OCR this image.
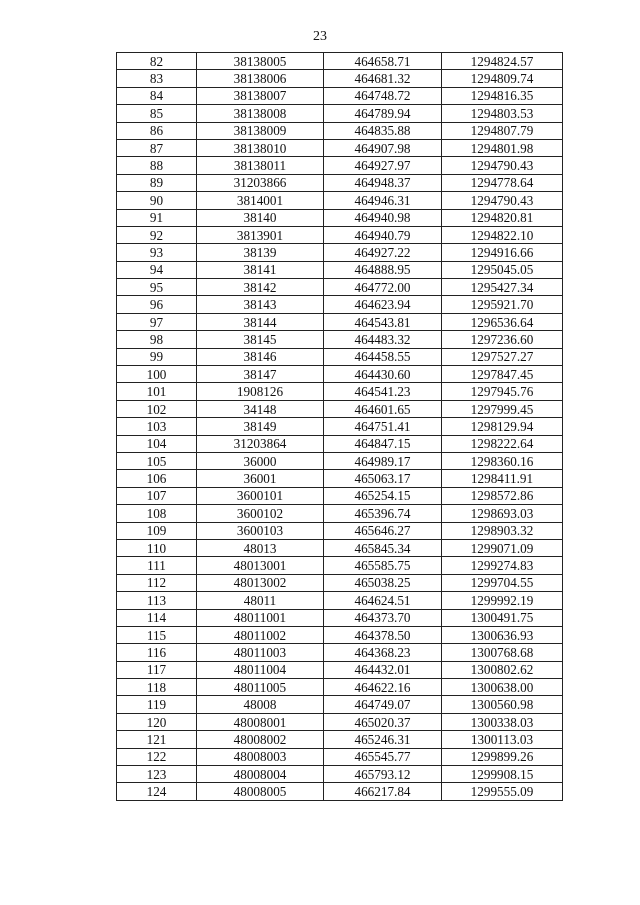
23
82	38138005	464658.71	1294824.57
83	38138006	464681.32	1294809.74
84	38138007	464748.72	1294816.35
85	38138008	464789.94	1294803.53
86	38138009	464835.88	1294807.79
87	38138010	464907.98	1294801.98
88	38138011	464927.97	1294790.43
89	31203866	464948.37	1294778.64
90	3814001	464946.31	1294790.43
91	38140	464940.98	1294820.81
92	3813901	464940.79	1294822.10
93	38139	464927.22	1294916.66
94	38141	464888.95	1295045.05
95	38142	464772.00	1295427.34
96	38143	464623.94	1295921.70
97	38144	464543.81	1296536.64
98	38145	464483.32	1297236.60
99	38146	464458.55	1297527.27
100	38147	464430.60	1297847.45
101	1908126	464541.23	1297945.76
102	34148	464601.65	1297999.45
103	38149	464751.41	1298129.94
104	31203864	464847.15	1298222.64
105	36000	464989.17	1298360.16
106	36001	465063.17	1298411.91
107	3600101	465254.15	1298572.86
108	3600102	465396.74	1298693.03
109	3600103	465646.27	1298903.32
110	48013	465845.34	1299071.09
111	48013001	465585.75	1299274.83
112	48013002	465038.25	1299704.55
113	48011	464624.51	1299992.19
114	48011001	464373.70	1300491.75
115	48011002	464378.50	1300636.93
116	48011003	464368.23	1300768.68
117	48011004	464432.01	1300802.62
118	48011005	464622.16	1300638.00
119	48008	464749.07	1300560.98
120	48008001	465020.37	1300338.03
121	48008002	465246.31	1300113.03
122	48008003	465545.77	1299899.26
123	48008004	465793.12	1299908.15
124	48008005	466217.84	1299555.09
